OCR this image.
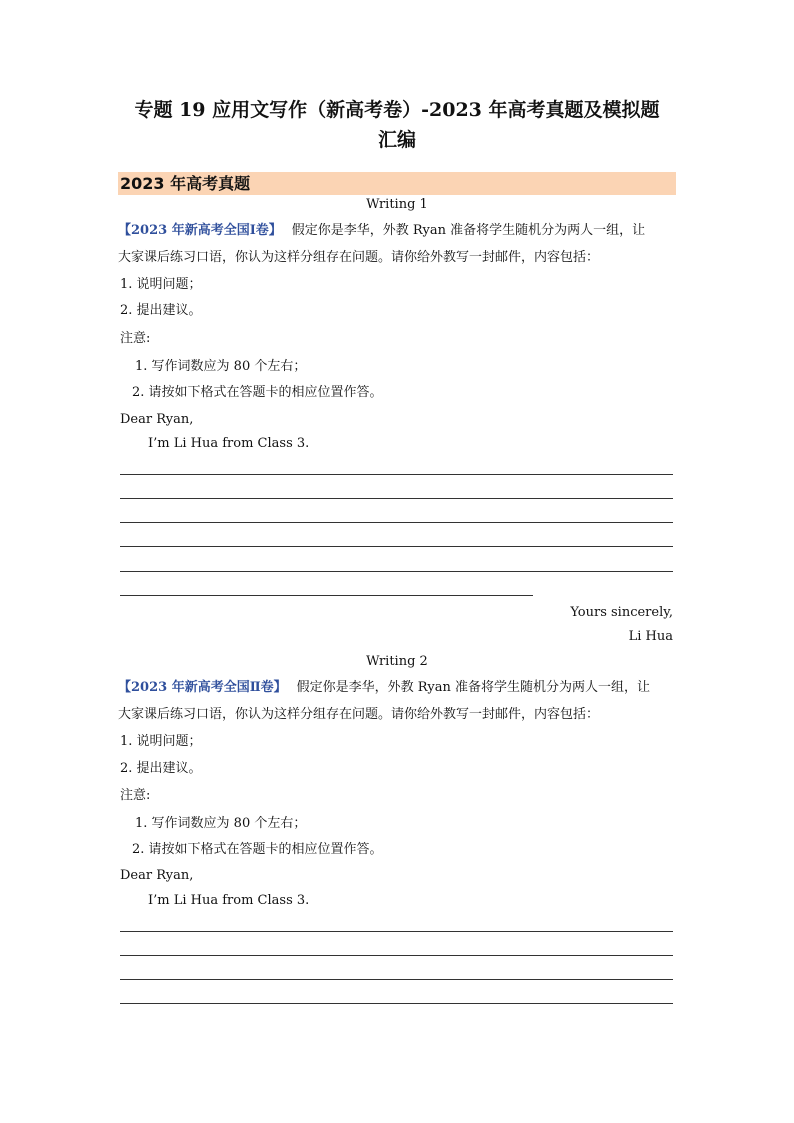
专题 19 应用文写作（新高考卷）-2023 年高考真题及模拟题
汇编
2023 年高考真题
Writing 1
【2023 年新高考全国Ⅰ卷】 假定你是李华，外教 Ryan 准备将学生随机分为两人一组，让
大家课后练习口语，你认为这样分组存在问题。请你给外教写一封邮件，内容包括：
1. 说明问题；
2. 提出建议。
注意:
1. 写作词数应为 80 个左右；
2. 请按如下格式在答题卡的相应位置作答。
Dear Ryan,
I’m Li Hua from Class 3.
Yours sincerely,
Li Hua
Writing 2
【2023 年新高考全国Ⅱ卷】 假定你是李华，外教 Ryan 准备将学生随机分为两人一组，让
大家课后练习口语，你认为这样分组存在问题。请你给外教写一封邮件，内容包括：
1. 说明问题；
2. 提出建议。
注意:
1. 写作词数应为 80 个左右；
2. 请按如下格式在答题卡的相应位置作答。
Dear Ryan,
I’m Li Hua from Class 3.
